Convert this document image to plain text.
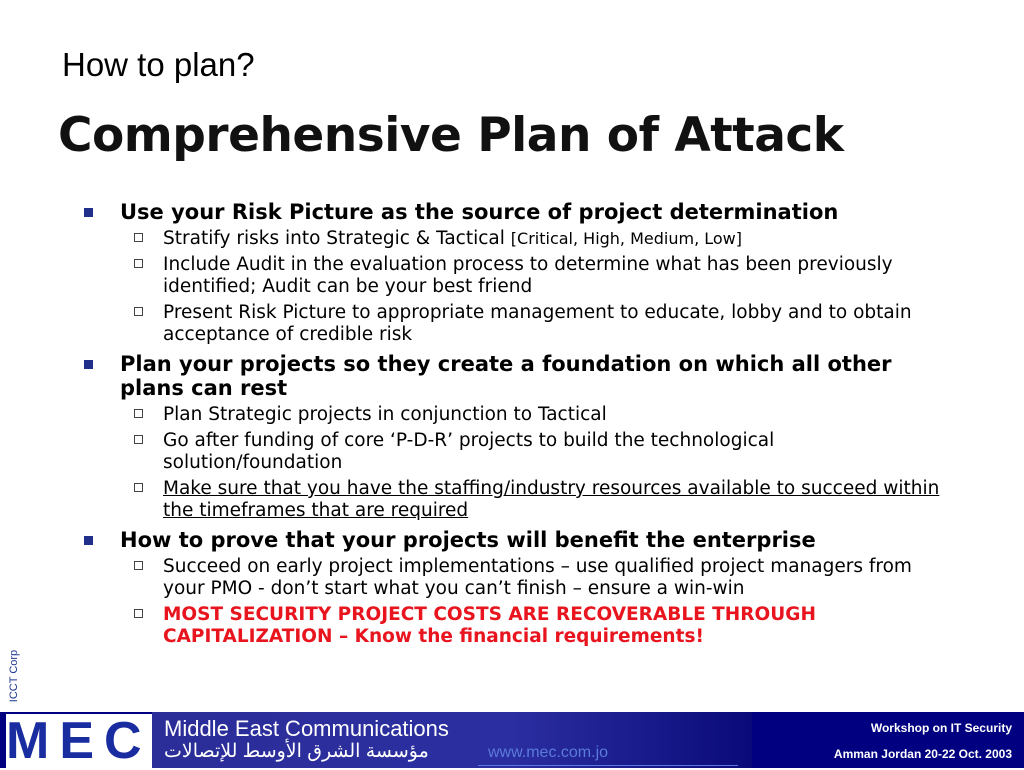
How to plan?
Comprehensive Plan of Attack
Use your Risk Picture as the source of project determination
Stratify risks into Strategic & Tactical [Critical, High, Medium, Low]
Include Audit in the evaluation process to determine what has been previously identified; Audit can be your best friend
Present Risk Picture to appropriate management to educate, lobby and to obtain acceptance of credible risk
Plan your projects so they create a foundation on which all other plans can rest
Plan Strategic projects in conjunction to Tactical
Go after funding of core ‘P-D-R’ projects to build the technological solution/foundation
Make sure that you have the staffing/industry resources available to succeed within the timeframes that are required
How to prove that your projects will benefit the enterprise
Succeed on early project implementations – use qualified project managers from your PMO - don’t start what you can’t finish – ensure a win-win
MOST SECURITY PROJECT COSTS ARE RECOVERABLE THROUGH CAPITALIZATION – Know the financial requirements!
ICCT Corp
MEC Middle East Communications
مؤسسة الشرق الأوسط للإتصالات	www.mec.com.jo
Workshop on IT Security
Amman Jordan 20-22 Oct. 2003
